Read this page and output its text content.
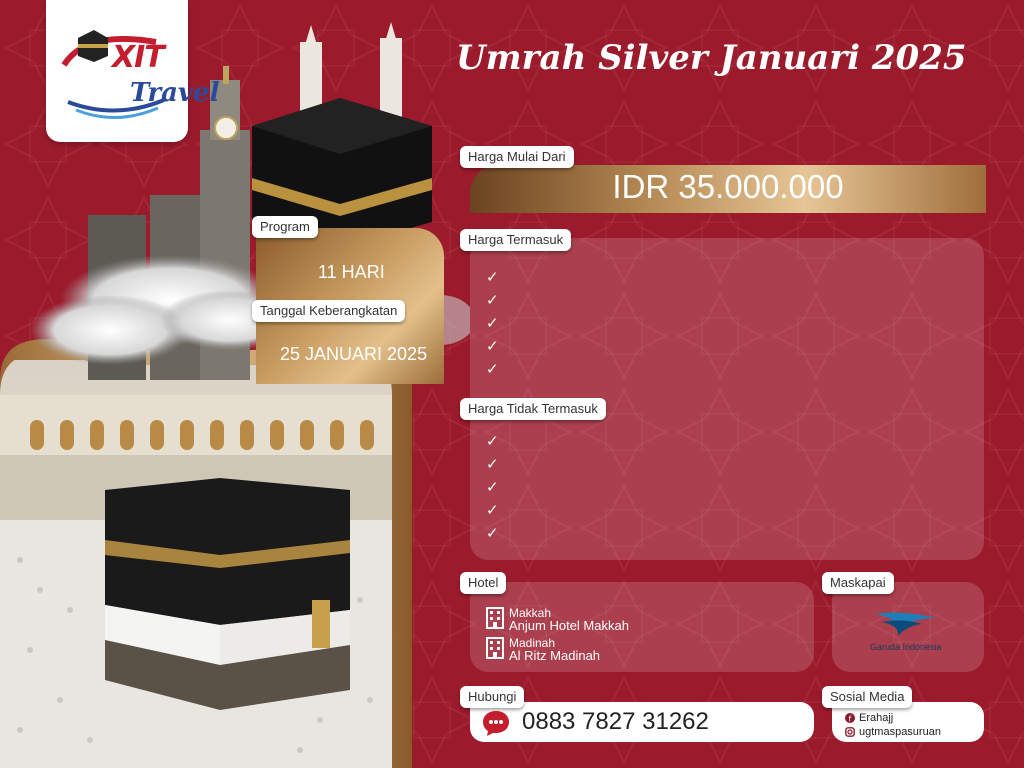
XIT
Travel
Umrah Silver Januari 2025
Program
11 HARI
Tanggal Keberangkatan
25 JANUARI 2025
Harga Mulai Dari
IDR 35.000.000
Harga Termasuk
✓
✓
✓
✓
✓
Harga Tidak Termasuk
✓
✓
✓
✓
✓
Hotel
Makkah
Anjum Hotel Makkah
Madinah
Al Ritz Madinah
Maskapai
Garuda Indonesia
Hubungi
0883 7827 31262
Sosial Media
f Erahajj
ugtmaspasuruan
